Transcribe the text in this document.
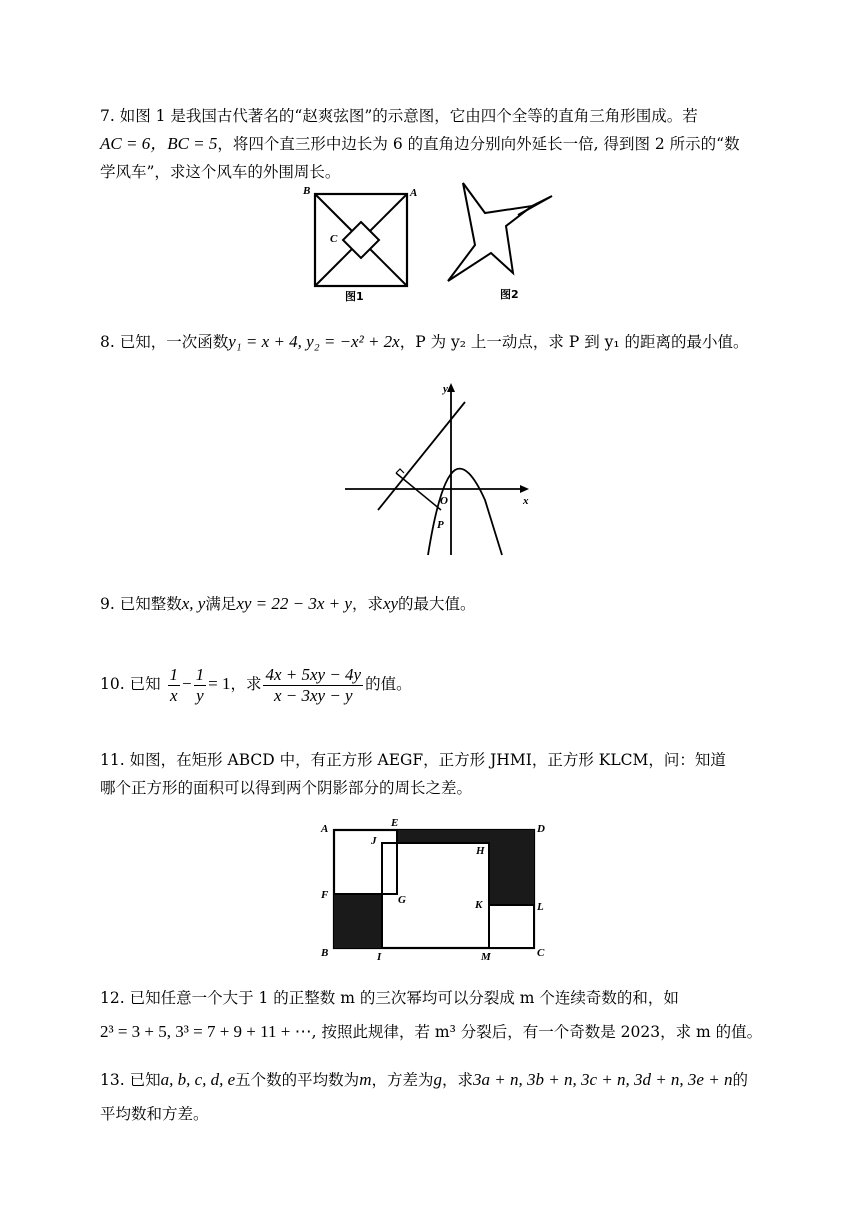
7. 如图 1 是我国古代著名的“赵爽弦图”的示意图，它由四个全等的直角三角形围成。若
AC = 6，BC = 5，将四个直三形中边长为 6 的直角边分别向外延长一倍, 得到图 2 所示的“数
学风车”，求这个风车的外围周长。
B	A
C
图1	图2
8. 已知，一次函数y₁ = x + 4, y₂ = −x² + 2x，P 为 y₂ 上一动点，求 P 到 y₁ 的距离的最小值。
y
x
O
P
9. 已知整数x, y满足xy = 22 − 3x + y，求xy的最大值。
10. 已知 $\frac{1}{x} - \frac{1}{y} = 1$，求 $\frac{4x + 5xy - 4y}{x - 3xy - y}$ 的值。
11. 如图，在矩形 ABCD 中，有正方形 AEGF，正方形 JHMI，正方形 KLCM，问：知道
哪个正方形的面积可以得到两个阴影部分的周长之差。
A	E	D
J
H
F	G	K	L
B	I	M	C
12. 已知任意一个大于 1 的正整数 m 的三次幂均可以分裂成 m 个连续奇数的和，如
2³ = 3 + 5, 3³ = 7 + 9 + 11 + ⋯, 按照此规律，若 m³ 分裂后，有一个奇数是 2023，求 m 的值。
13. 已知a, b, c, d, e五个数的平均数为m，方差为g，求3a + n, 3b + n, 3c + n, 3d + n, 3e + n的
平均数和方差。
